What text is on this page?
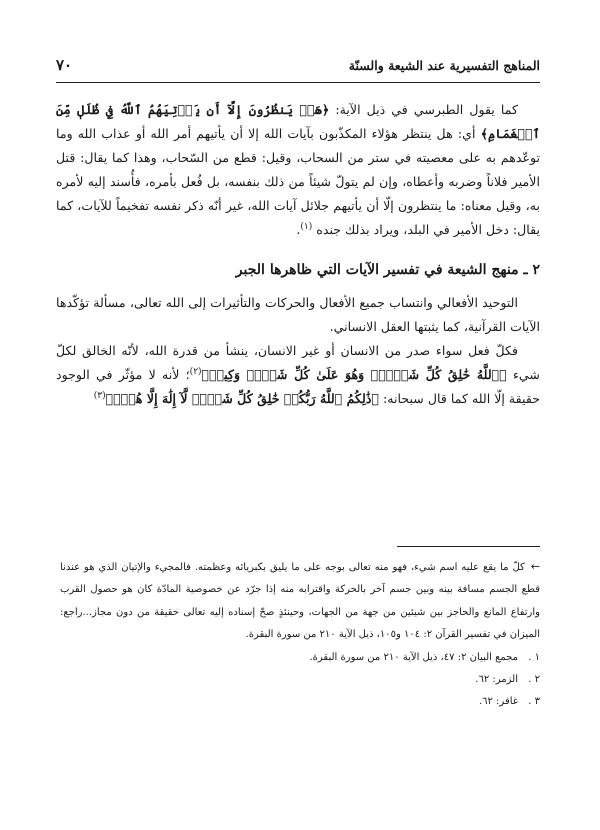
٧٠	المناهج التفسيرية عند الشيعة والسنّة

كما يقول الطبرسي في ذيل الآية: ﴿هَلۡ يَنظُرُونَ إِلَّآ أَن يَأۡتِيَهُمُ ٱللَّهُ فِي ظُلَلٖ مِّنَ ٱلۡغَمَامِ﴾ أي: هل ينتظر هؤلاء المكذّبون بآيات الله إلا أن يأتيهم أمر الله أو عذاب الله وما توعّدهم به على معصيته في ستر من السحاب، وقيل: قطع من السّحاب، وهذا كما يقال: قتل الأمير فلاناً وضربه وأعطاه، وإن لم يتولّ شيئاً من ذلك بنفسه، بل فُعل بأمره، فأُسند إليه لأمره به، وقيل معناه: ما ينتظرون إلّا أن يأتيهم جلائل آيات الله، غير أنّه ذكر نفسه تفخيماً للآيات، كما يقال: دخل الأمير في البلد، ويراد بذلك جنده $^{(١)}$.

٢ ـ منهج الشيعة في تفسير الآيات التي ظاهرها الجبر

التوحيد الأفعالي وانتساب جميع الأفعال والحركات والتأثيرات إلى الله تعالى، مسألة تؤكّدها الآيات القرآنية، كما يثبتها العقل الانساني.

فكلّ فعل سواء صدر من الانسان أو غير الانسان، ينشأ من قدرة الله، لأنّه الخالق لكلّ شيء ﴿ٱللَّهُ خَٰلِقُ كُلِّ شَيۡءٖۖ وَهُوَ عَلَىٰ كُلِّ شَيۡءٖ وَكِيلٞ﴾$^{(٢)}$؛ لأنه لا مؤثّر في الوجود حقيقة إلّا الله كما قال سبحانه: ﴿ذَٰلِكُمُ ٱللَّهُ رَبُّكُمۡ خَٰلِقُ كُلِّ شَيۡءٖ لَّآ إِلَٰهَ إِلَّا هُوَۖ﴾$^{(٣)}$

←كلّ ما يقع عليه اسم شيء، فهو منه تعالى بوجه على ما يليق بكبريائه وعظمته. فالمجيء والإتيان الذي هو عندنا قطع الجسم مسافة بينه وبين جسم آخر بالحركة واقترابه منه إذا جرّد عن خصوصية المادّة كان هو حصول القرب وارتفاع المانع والحاجز بين شيئين من جهة من الجهات، وحينئذٍ صحّ إسناده إليه تعالى حقيقة من دون مجاز...راجع: الميزان في تفسير القرآن ٢: ١٠٤ و١٠٥، ذيل الآية ٢١٠ من سورة البقرة.

١ .
مجمع البيان ٢: ٤٧، ذيل الآية ٢١٠ من سورة البقرة.
٢ .
الزمر: ٦٢.
٣ .
غافر: ٦٢.
